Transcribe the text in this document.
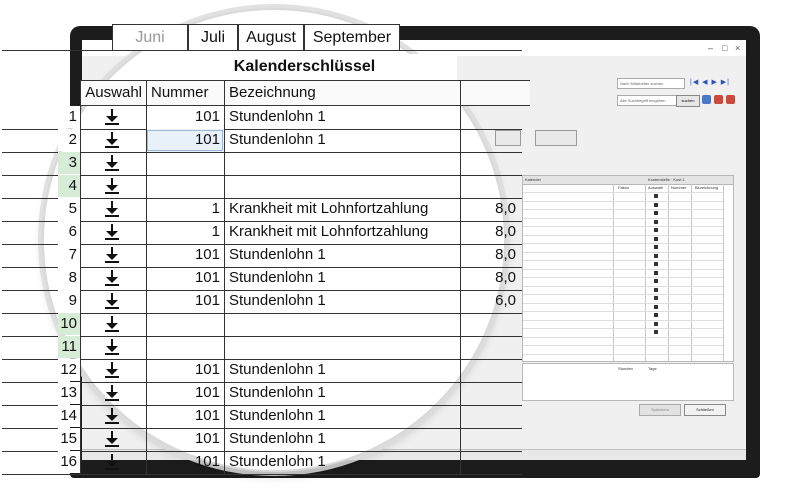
– □ ×
Nach Mitarbeiter suchen	|◀ ◀ ▶ ▶|
Alle Suchbegriff eingeben	suchen
Kalender	Kostenstelle · Kost 1
Faktor	Auswahl Nummer Bezeichnung
Stunden	Tage
Speichern	Schließen
Juni	Juli	August	September
Kalenderschlüssel
Auswahl Nummer	Bezeichnung
1	101 Stundenlohn 1
2	101 Stundenlohn 1
3
4
5	1 Krankheit mit Lohnfortzahlung	8,0
6	1 Krankheit mit Lohnfortzahlung	8,0
7	101 Stundenlohn 1	8,0
8	101 Stundenlohn 1	8,0
9	101 Stundenlohn 1	6,0
10
11
12	101 Stundenlohn 1
13	101 Stundenlohn 1
14	101 Stundenlohn 1
15	101 Stundenlohn 1
16	101 Stundenlohn 1
